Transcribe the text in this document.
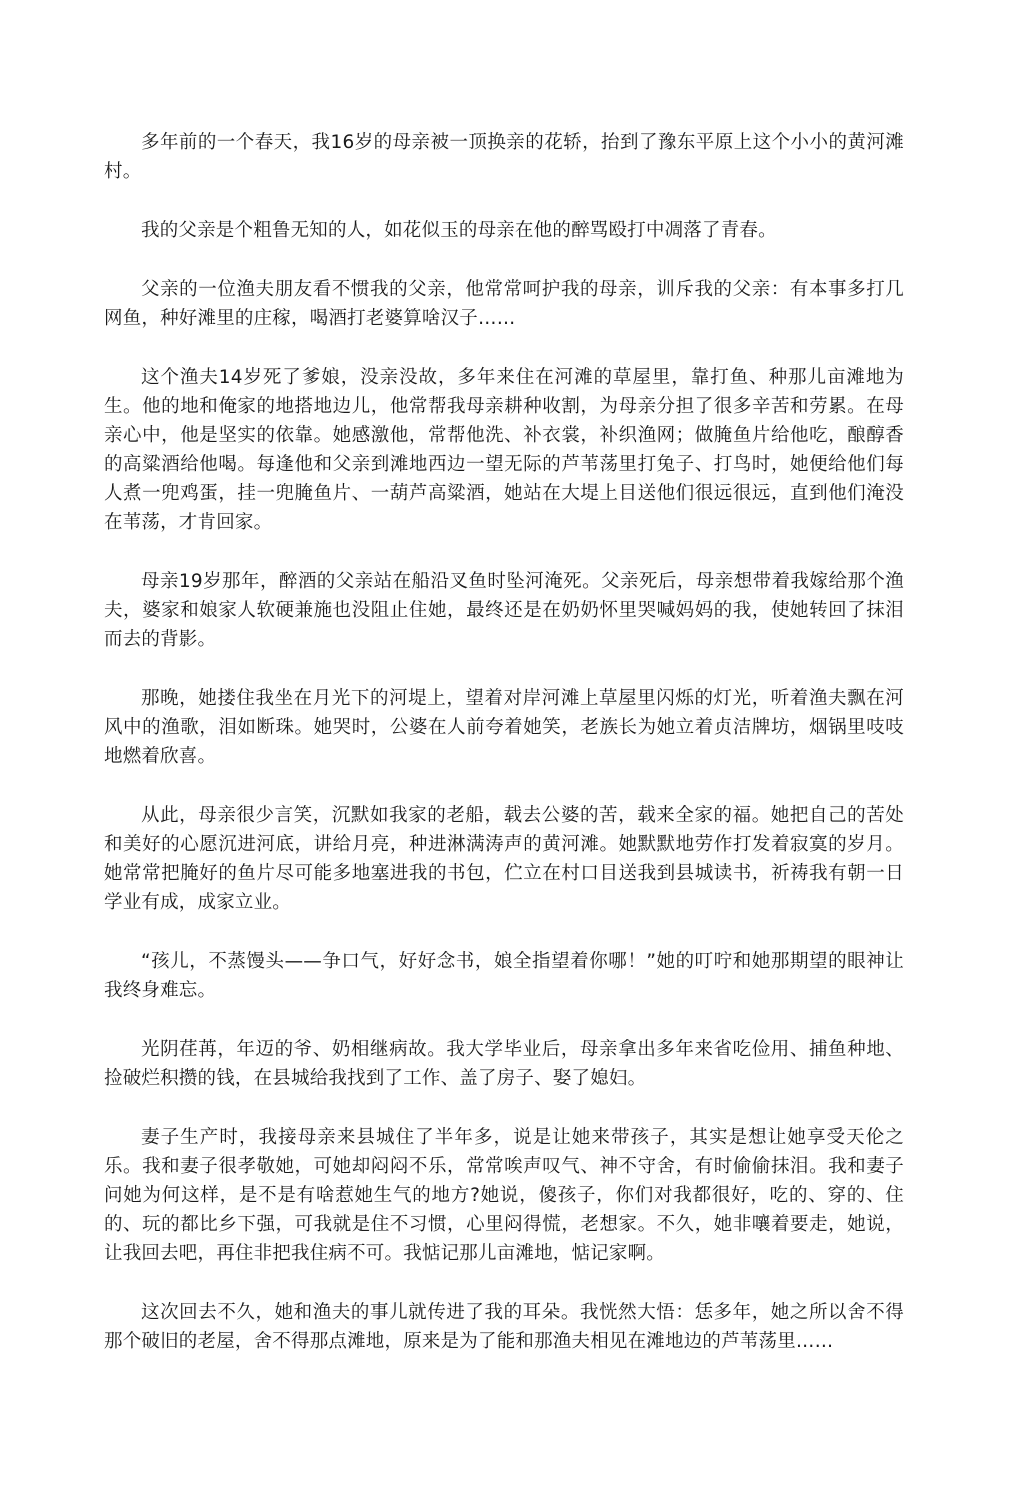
多年前的一个春天，我16岁的母亲被一顶换亲的花轿，抬到了豫东平原上这个小小的黄河滩村。

我的父亲是个粗鲁无知的人，如花似玉的母亲在他的醉骂殴打中凋落了青春。

父亲的一位渔夫朋友看不惯我的父亲，他常常呵护我的母亲，训斥我的父亲：有本事多打几网鱼，种好滩里的庄稼，喝酒打老婆算啥汉子……

这个渔夫14岁死了爹娘，没亲没故，多年来住在河滩的草屋里，靠打鱼、种那儿亩滩地为生。他的地和俺家的地搭地边儿，他常帮我母亲耕种收割，为母亲分担了很多辛苦和劳累。在母亲心中，他是坚实的依靠。她感激他，常帮他洗、补衣裳，补织渔网；做腌鱼片给他吃，酿醇香的高粱酒给他喝。每逢他和父亲到滩地西边一望无际的芦苇荡里打兔子、打鸟时，她便给他们每人煮一兜鸡蛋，挂一兜腌鱼片、一葫芦高粱酒，她站在大堤上目送他们很远很远，直到他们淹没在苇荡，才肯回家。

母亲19岁那年，醉酒的父亲站在船沿叉鱼时坠河淹死。父亲死后，母亲想带着我嫁给那个渔夫，婆家和娘家人软硬兼施也没阻止住她，最终还是在奶奶怀里哭喊妈妈的我，使她转回了抹泪而去的背影。

那晚，她搂住我坐在月光下的河堤上，望着对岸河滩上草屋里闪烁的灯光，听着渔夫飘在河风中的渔歌，泪如断珠。她哭时，公婆在人前夸着她笑，老族长为她立着贞洁牌坊，烟锅里吱吱地燃着欣喜。

从此，母亲很少言笑，沉默如我家的老船，载去公婆的苦，载来全家的福。她把自己的苦处和美好的心愿沉进河底，讲给月亮，种进淋满涛声的黄河滩。她默默地劳作打发着寂寞的岁月。她常常把腌好的鱼片尽可能多地塞进我的书包，伫立在村口目送我到县城读书，祈祷我有朝一日学业有成，成家立业。

“孩儿，不蒸馒头——争口气，好好念书，娘全指望着你哪！”她的叮咛和她那期望的眼神让我终身难忘。

光阴荏苒，年迈的爷、奶相继病故。我大学毕业后，母亲拿出多年来省吃俭用、捕鱼种地、捡破烂积攒的钱，在县城给我找到了工作、盖了房子、娶了媳妇。

妻子生产时，我接母亲来县城住了半年多，说是让她来带孩子，其实是想让她享受天伦之乐。我和妻子很孝敬她，可她却闷闷不乐，常常唉声叹气、神不守舍，有时偷偷抹泪。我和妻子问她为何这样，是不是有啥惹她生气的地方?她说，傻孩子，你们对我都很好，吃的、穿的、住的、玩的都比乡下强，可我就是住不习惯，心里闷得慌，老想家。不久，她非嚷着要走，她说，让我回去吧，再住非把我住病不可。我惦记那儿亩滩地，惦记家啊。

这次回去不久，她和渔夫的事儿就传进了我的耳朵。我恍然大悟：恁多年，她之所以舍不得那个破旧的老屋，舍不得那点滩地，原来是为了能和那渔夫相见在滩地边的芦苇荡里……
